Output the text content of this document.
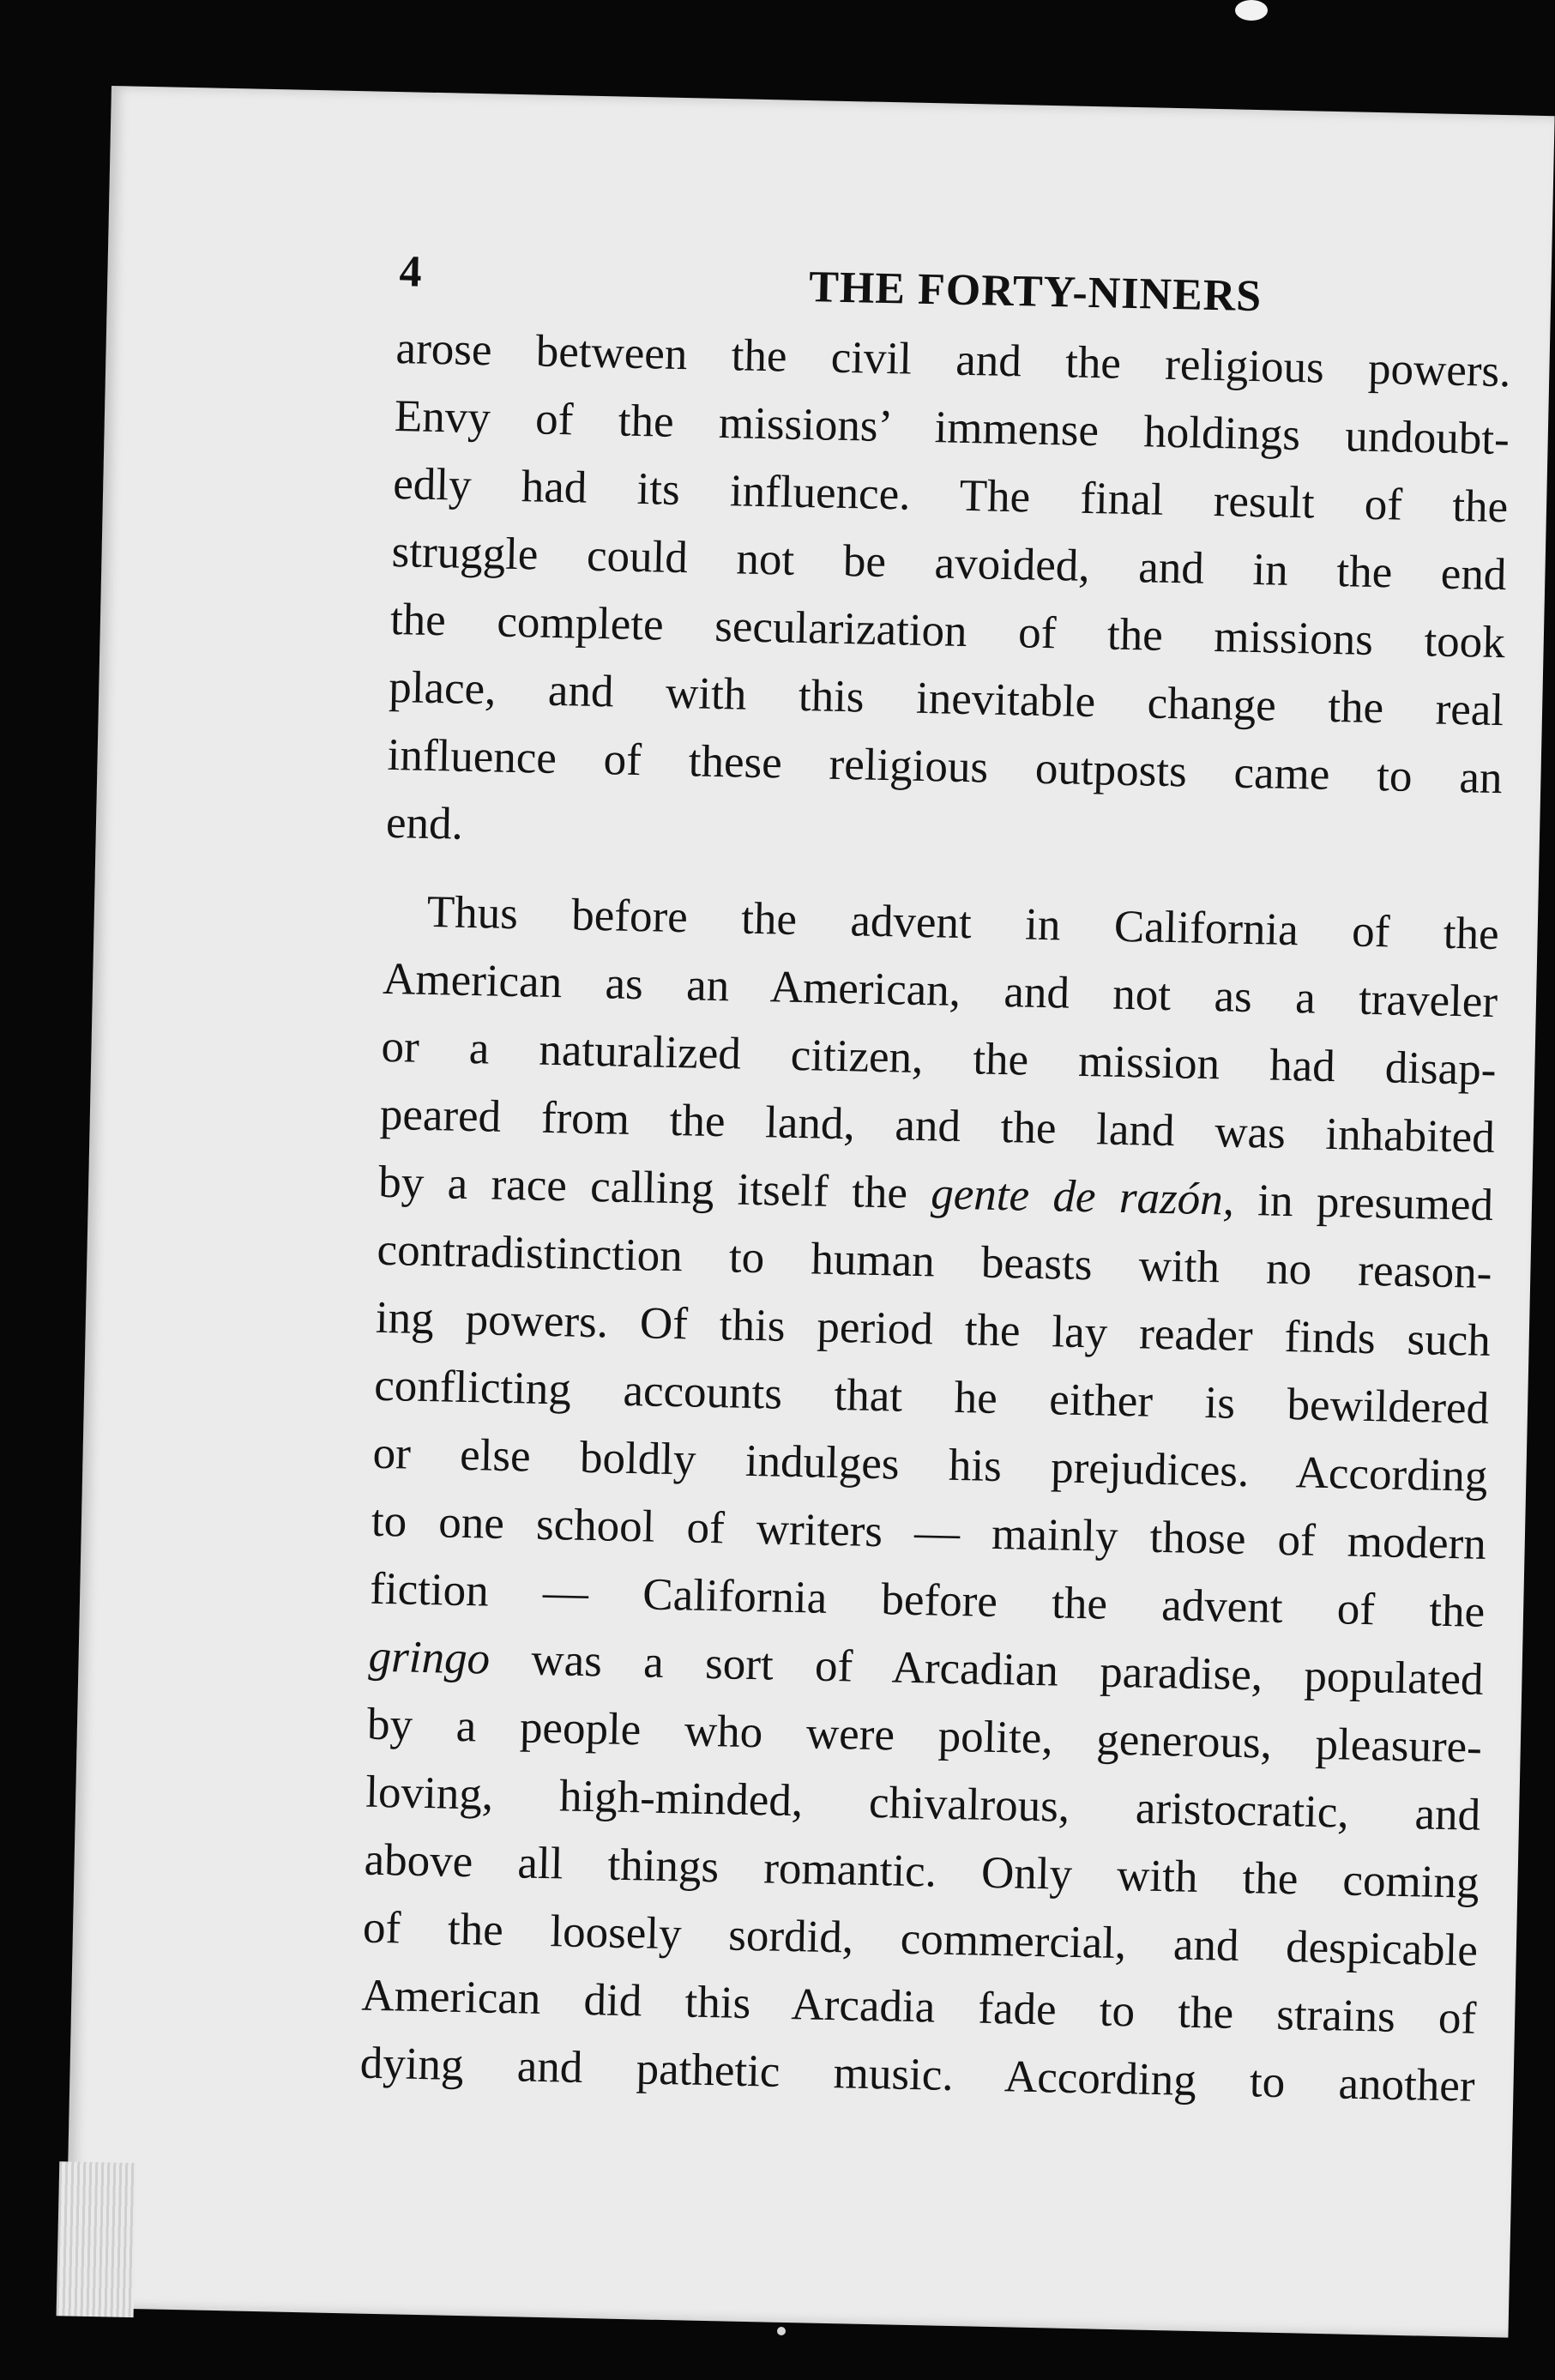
4	THE FORTY-NINERS
arose between the civil and the religious powers.
Envy of the missions’ immense holdings undoubt-
edly had its influence. The final result of the
struggle could not be avoided, and in the end
the complete secularization of the missions took
place, and with this inevitable change the real
influence of these religious outposts came to an
end.
Thus before the advent in California of the
American as an American, and not as a traveler
or a naturalized citizen, the mission had disap-
peared from the land, and the land was inhabited
by a race calling itself the gente de razón, in presumed
contradistinction to human beasts with no reason-
ing powers. Of this period the lay reader finds such
conflicting accounts that he either is bewildered
or else boldly indulges his prejudices. According
to one school of writers — mainly those of modern
fiction — California before the advent of the
gringo was a sort of Arcadian paradise, populated
by a people who were polite, generous, pleasure-
loving, high-minded, chivalrous, aristocratic, and
above all things romantic. Only with the coming
of the loosely sordid, commercial, and despicable
American did this Arcadia fade to the strains of
dying and pathetic music. According to another
